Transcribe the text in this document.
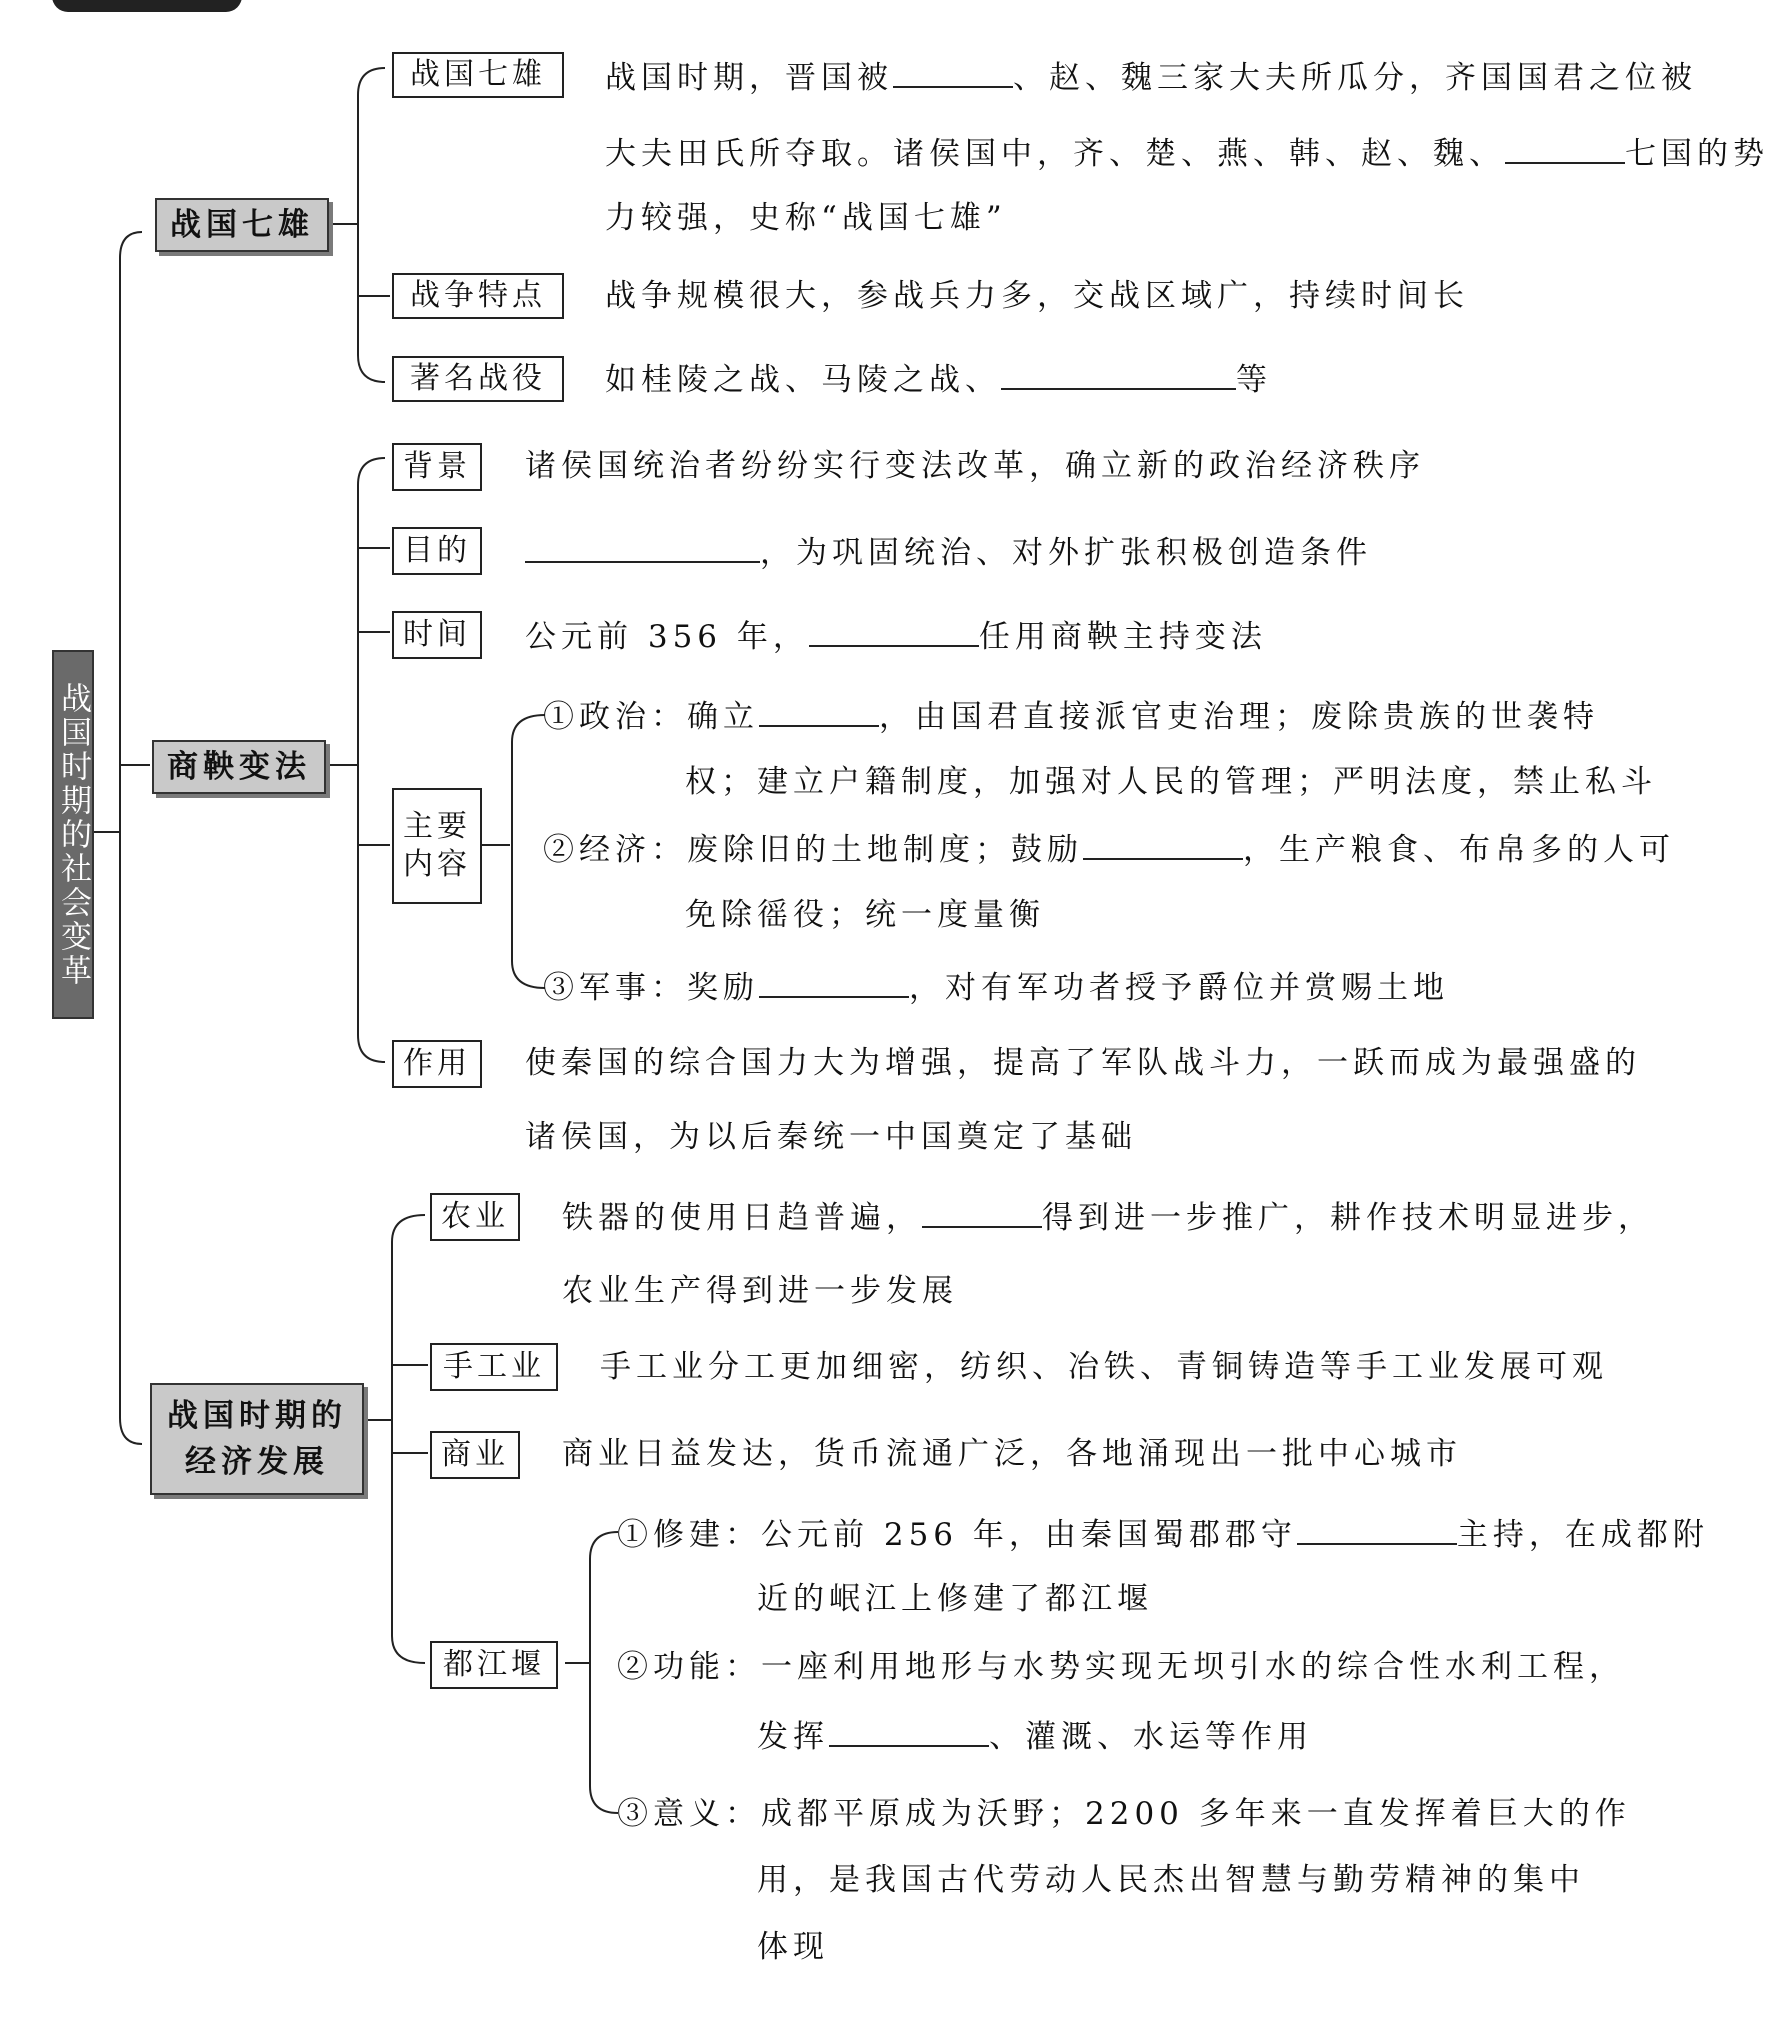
战国时期的社会变革
战国七雄
商鞅变法
战国时期的
经济发展
战国七雄
战争特点
著名战役
战国时期，晋国被	、赵、魏三家大夫所瓜分，齐国国君之位被
大夫田氏所夺取。诸侯国中，齐、楚、燕、韩、赵、魏、	七国的势
力较强，史称“战国七雄”
战争规模很大，参战兵力多，交战区域广，持续时间长
如桂陵之战、马陵之战、	等
背景
目的
时间
主要
内容
作用
诸侯国统治者纷纷实行变法改革，确立新的政治经济秩序
，为巩固统治、对外扩张积极创造条件
公元前 356 年，	任用商鞅主持变法
①政治：确立	，由国君直接派官吏治理；废除贵族的世袭特
权；建立户籍制度，加强对人民的管理；严明法度，禁止私斗
②经济：废除旧的土地制度；鼓励	，生产粮食、布帛多的人可
免除徭役；统一度量衡
③军事：奖励	，对有军功者授予爵位并赏赐土地
使秦国的综合国力大为增强，提高了军队战斗力，一跃而成为最强盛的
诸侯国，为以后秦统一中国奠定了基础
农业
手工业
商业
都江堰
铁器的使用日趋普遍，	得到进一步推广，耕作技术明显进步，
农业生产得到进一步发展
手工业分工更加细密，纺织、冶铁、青铜铸造等手工业发展可观
商业日益发达，货币流通广泛，各地涌现出一批中心城市
①修建：公元前 256 年，由秦国蜀郡郡守	主持，在成都附
近的岷江上修建了都江堰
②功能：一座利用地形与水势实现无坝引水的综合性水利工程，
发挥	、灌溉、水运等作用
③意义：成都平原成为沃野；2200 多年来一直发挥着巨大的作
用，是我国古代劳动人民杰出智慧与勤劳精神的集中
体现
